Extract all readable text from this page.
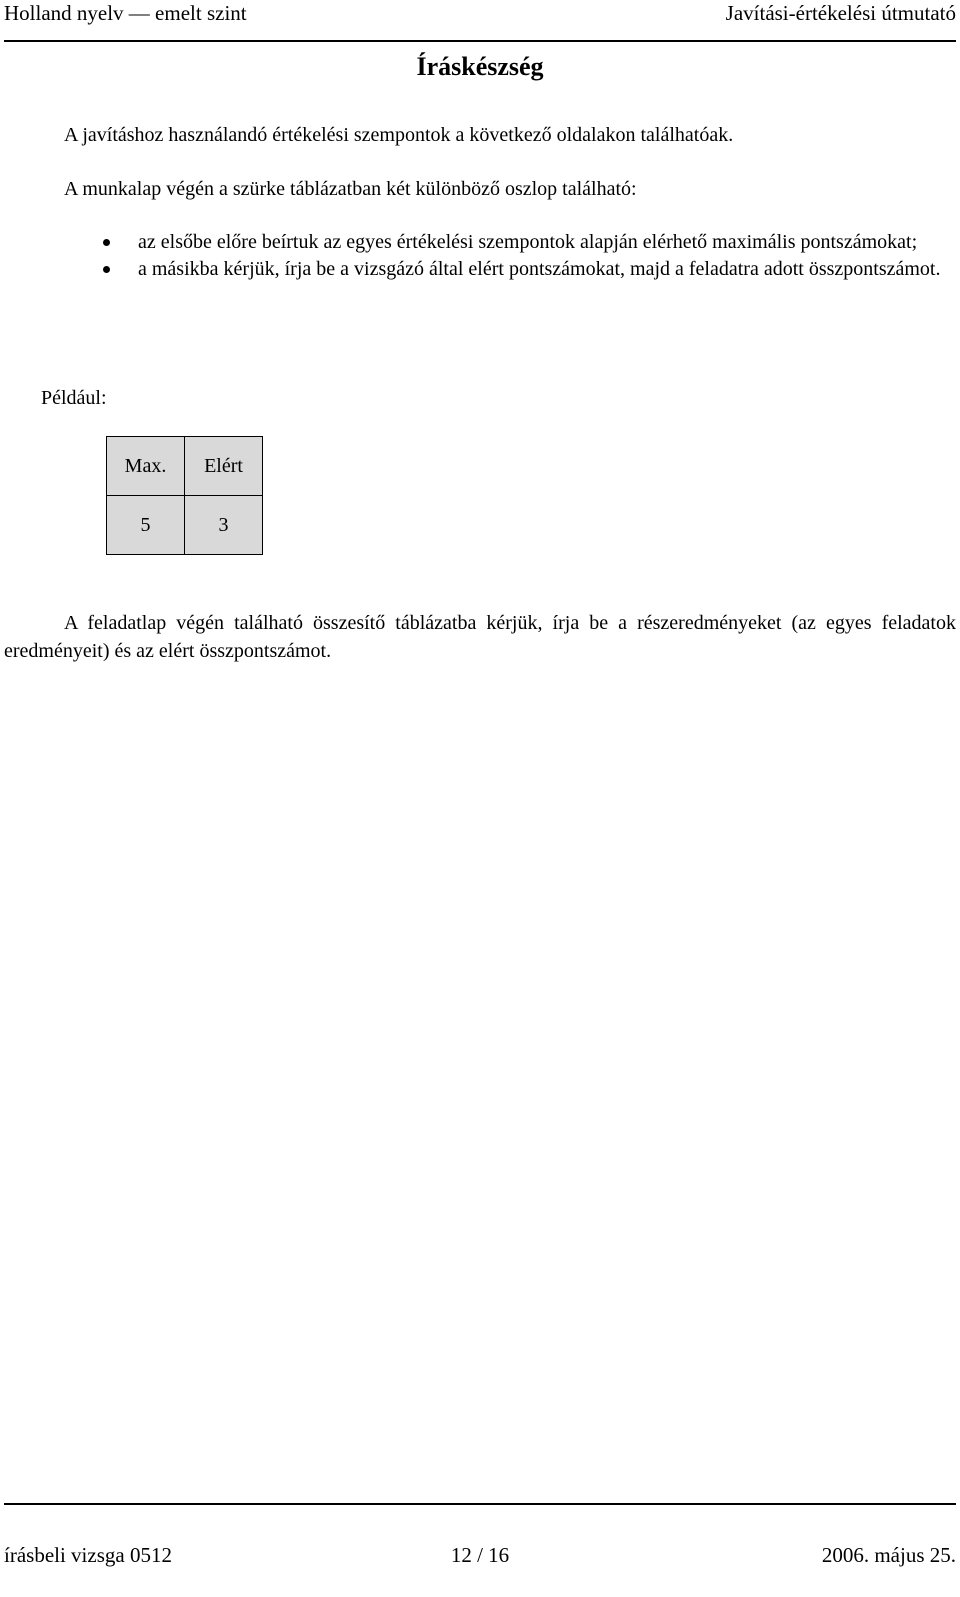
Holland nyelv — emelt szint	Javítási-értékelési útmutató
Íráskészség
A javításhoz használandó értékelési szempontok a következő oldalakon találhatóak.
A munkalap végén a szürke táblázatban két különböző oszlop található:
az elsőbe előre beírtuk az egyes értékelési szempontok alapján elérhető maximális pontszámokat;
a másikba kérjük, írja be a vizsgázó által elért pontszámokat, majd a feladatra adott összpontszámot.
Például:
Max.	Elért
5	3
A feladatlap végén található összesítő táblázatba kérjük, írja be a részeredményeket (az egyes feladatok eredményeit) és az elért összpontszámot.
írásbeli vizsga 0512	12 / 16	2006. május 25.
